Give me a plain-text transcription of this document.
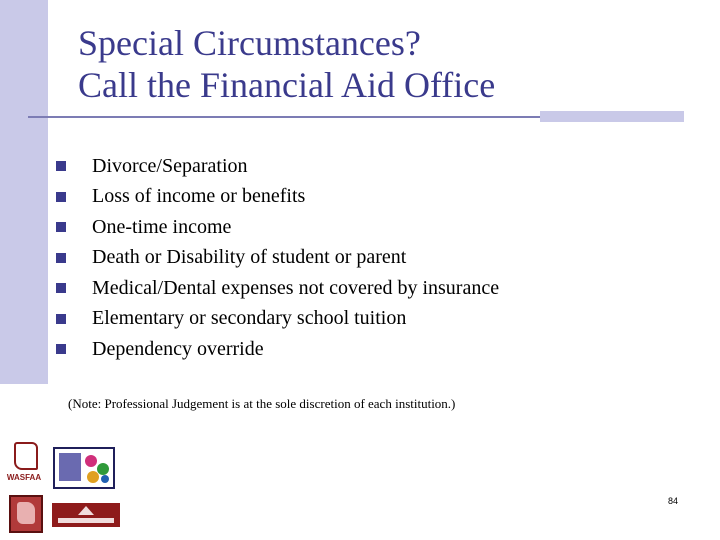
Special Circumstances?
Call the Financial Aid Office
Divorce/Separation
Loss of income or benefits
One-time income
Death or Disability of student or parent
Medical/Dental expenses not covered by insurance
Elementary or secondary school tuition
Dependency override
(Note: Professional Judgement is at the sole discretion of each institution.)
WASFAA
84
